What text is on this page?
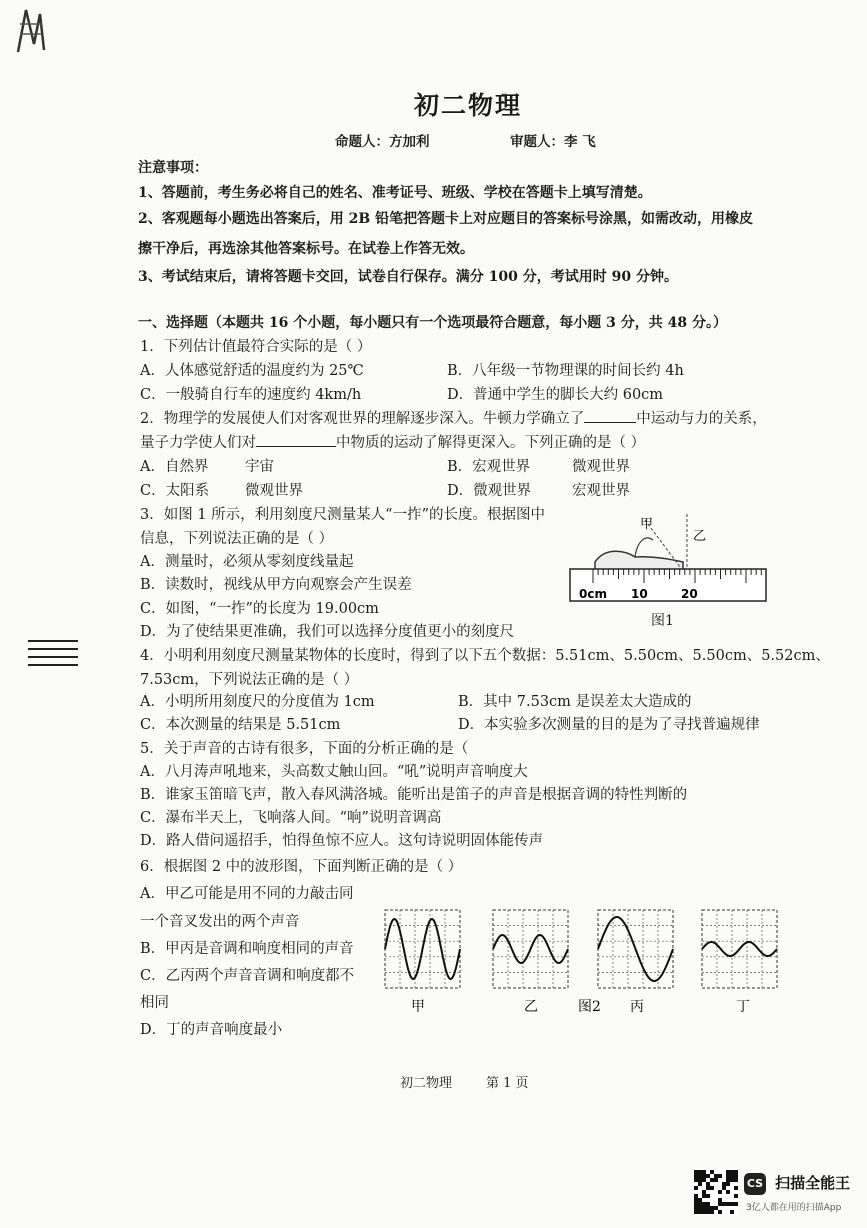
初二物理
命题人：方加利	审题人：李 飞
注意事项：
1、答题前，考生务必将自己的姓名、准考证号、班级、学校在答题卡上填写清楚。
2、客观题每小题选出答案后，用 2B 铅笔把答题卡上对应题目的答案标号涂黑，如需改动，用橡皮
擦干净后，再选涂其他答案标号。在试卷上作答无效。
3、考试结束后，请将答题卡交回，试卷自行保存。满分 100 分，考试用时 90 分钟。
一、选择题（本题共 16 个小题，每小题只有一个选项最符合题意，每小题 3 分，共 48 分。）
1．下列估计值最符合实际的是（ ）
A．人体感觉舒适的温度约为 25℃	B．八年级一节物理课的时间长约 4h
C．一般骑自行车的速度约 4km/h	D．普通中学生的脚长大约 60cm
2．物理学的发展使人们对客观世界的理解逐步深入。牛顿力学确立了	中运动与力的关系，
量子力学使人们对	中物质的运动了解得更深入。下列正确的是（ ）
A．自然界	宇宙	B．宏观世界	微观世界
C．太阳系 微观世界	D．微观世界	宏观世界
3．如图 1 所示，利用刻度尺测量某人“一拃”的长度。根据图中
信息，下列说法正确的是（ ）
A．测量时，必须从零刻度线量起
B．读数时，视线从甲方向观察会产生误差
C．如图，“一拃”的长度为 19.00cm
D．为了使结果更准确，我们可以选择分度值更小的刻度尺
甲
乙
0cm 10	20
图1
4．小明利用刻度尺测量某物体的长度时，得到了以下五个数据：5.51cm、5.50cm、5.50cm、5.52cm、
7.53cm，下列说法正确的是（ ）
A．小明所用刻度尺的分度值为 1cm	B．其中 7.53cm 是误差太大造成的
C．本次测量的结果是 5.51cm	D．本实验多次测量的目的是为了寻找普遍规律
5．关于声音的古诗有很多，下面的分析正确的是（
A．八月涛声吼地来，头高数丈触山回。“吼”说明声音响度大
B．谁家玉笛暗飞声，散入春风满洛城。能听出是笛子的声音是根据音调的特性判断的
C．瀑布半天上，飞响落人间。“响”说明音调高
D．路人借问遥招手，怕得鱼惊不应人。这句诗说明固体能传声
6．根据图 2 中的波形图，下面判断正确的是（ ）
A．甲乙可能是用不同的力敲击同
一个音叉发出的两个声音
B．甲丙是音调和响度相同的声音
C．乙丙两个声音音调和响度都不
相同
D．丁的声音响度最小
甲	乙	图2 丙	丁
初二物理	第 1 页
CS 扫描全能王
3亿人都在用的扫描App
